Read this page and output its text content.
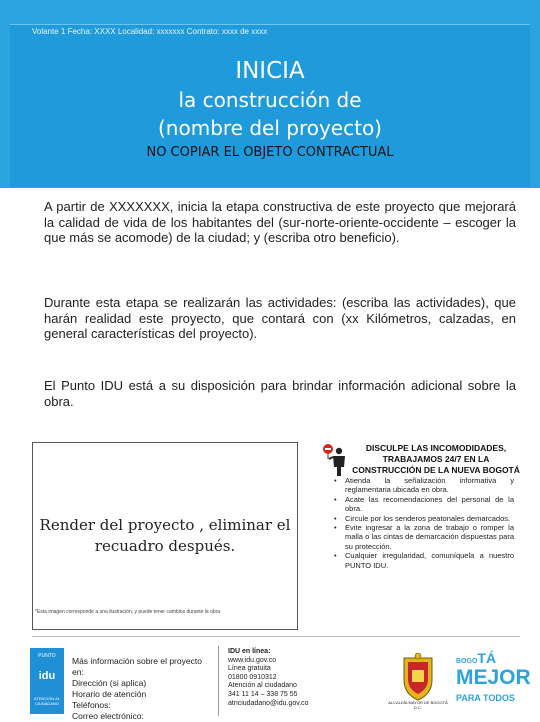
Volante 1 Fecha: XXXX Localidad: xxxxxxx Contrato: xxxx de xxxx
INICIA
la construcción de
(nombre del proyecto)
NO COPIAR EL OBJETO CONTRACTUAL
A partir de XXXXXXX, inicia la etapa constructiva de este proyecto que mejorará la calidad de vida de los habitantes del (sur-norte-oriente-occidente – escoger la que más se acomode) de la ciudad; y (escriba otro beneficio).
Durante esta etapa se realizarán las actividades: (escriba las actividades), que harán realidad este proyecto, que contará con (xx Kilómetros, calzadas, en general características del proyecto).
El Punto IDU está a su disposición para brindar información adicional sobre la obra.
Render del proyecto , eliminar el recuadro después.
*Esta imagen corresponde a una ilustración, y puede tener cambios durante la obra
DISCULPE LAS INCOMODIDADES, TRABAJAMOS 24/7 EN LA CONSTRUCCIÓN DE LA NUEVA BOGOTÁ
• Atienda la señalización informativa y reglamentaria ubicada en obra.
• Acate las recomendaciones del personal de la obra.
• Circule por los senderos peatonales demarcados.
• Evite ingresar a la zona de trabajo o romper la malla o las cintas de demarcación dispuestas para su protección.
• Cualquier irregularidad, comuníquela a nuestro PUNTO IDU.
PUNTO
idu
ATENCIÓN AL CIUDADANO
Más información sobre el proyecto
en:
Dirección (si aplica)
Horario de atención
Teléfonos:
Correo electrónico:
IDU en línea:
www.idu.gov.co
Línea gratuita
01800 0910312
Atención al ciudadano
341 11 14 – 338 75 55
atnciudadano@idu.gov.co	ALCALDÍA MAYOR DE BOGOTÁ D.C.
BOGOTÁ
MEJOR
PARA TODOS
